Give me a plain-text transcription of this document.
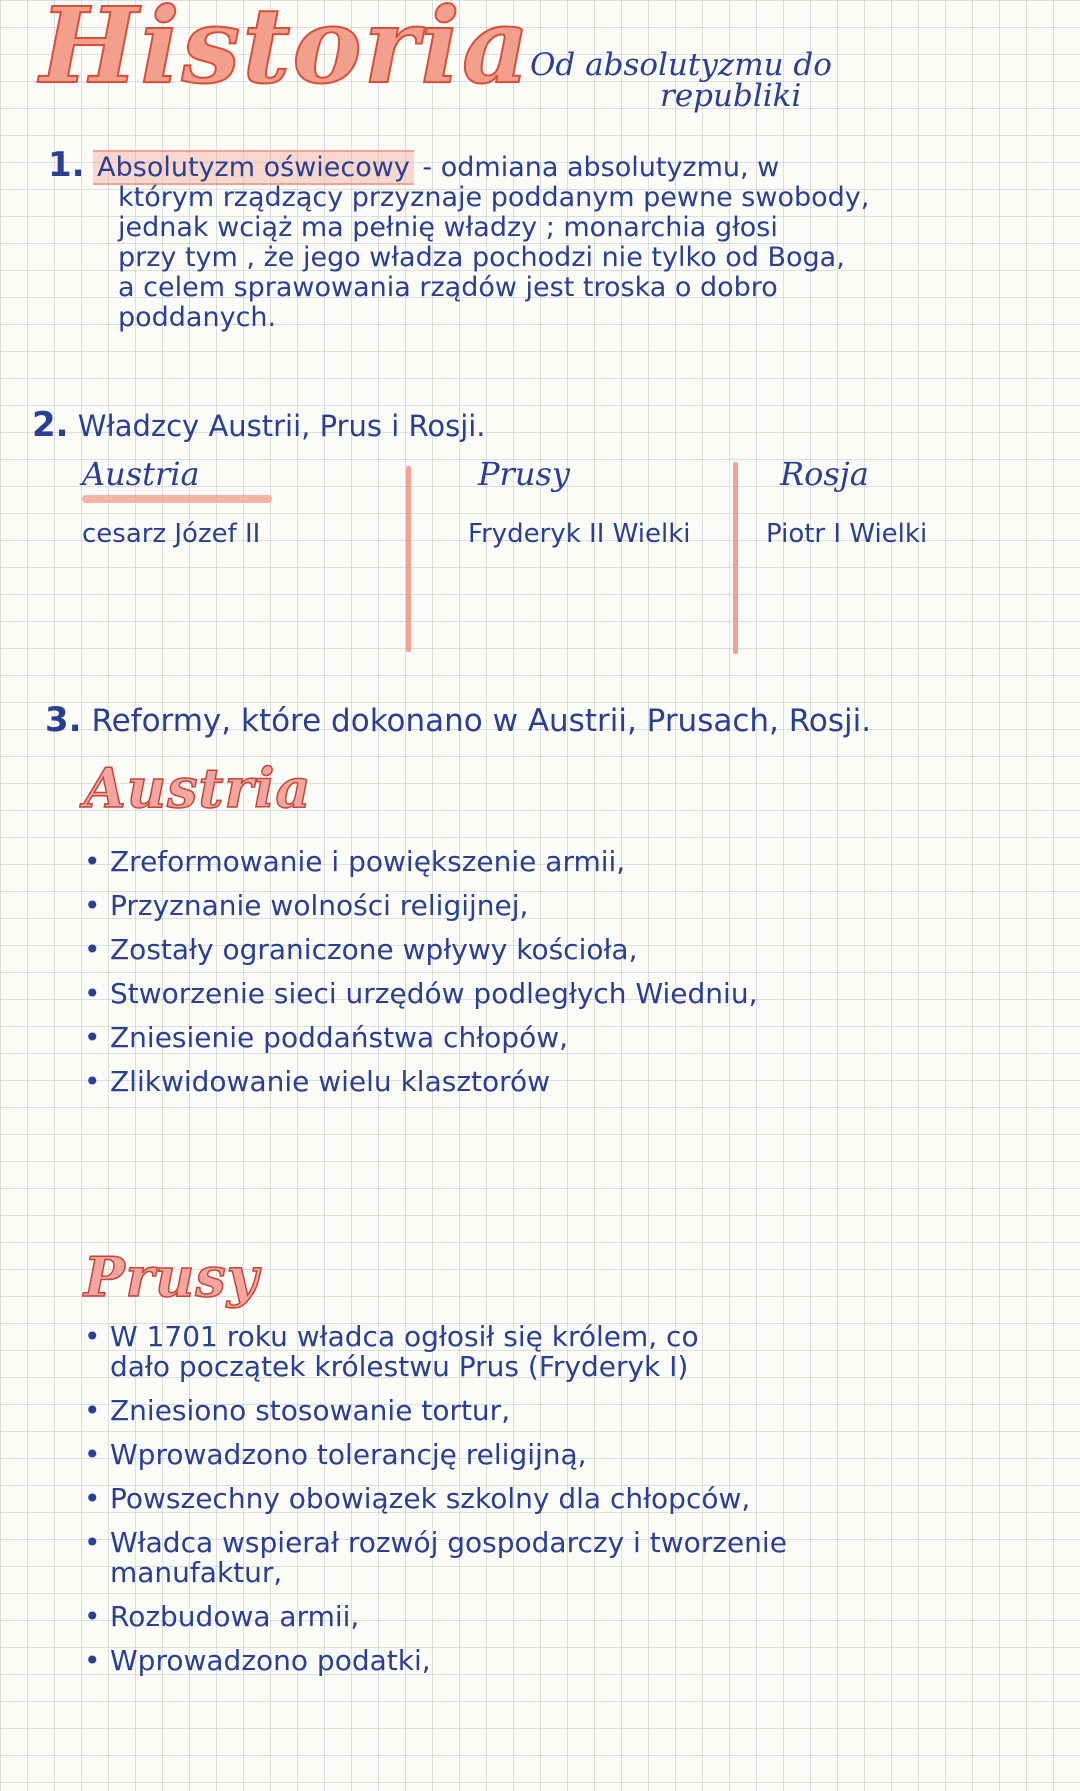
Historia
Od absolutyzmu do
republiki
1. Absolutyzm oświecowy - odmiana absolutyzmu, w
którym rządzący przyznaje poddanym pewne swobody,
jednak wciąż ma pełnię władzy ; monarchia głosi
przy tym , że jego władza pochodzi nie tylko od Boga,
a celem sprawowania rządów jest troska o dobro
poddanych.
2. Władzcy Austrii, Prus i Rosji.
Austria
cesarz Józef II
Prusy
Fryderyk II Wielki
Rosja
Piotr I Wielki
3. Reformy, które dokonano w Austrii, Prusach, Rosji.
Austria
• Zreformowanie i powiększenie armii,
• Przyznanie wolności religijnej,
• Zostały ograniczone wpływy kościoła,
• Stworzenie sieci urzędów podległych Wiedniu,
• Zniesienie poddaństwa chłopów,
• Zlikwidowanie wielu klasztorów
Prusy
• W 1701 roku władca ogłosił się królem, co
dało początek królestwu Prus (Fryderyk I)
• Zniesiono stosowanie tortur,
• Wprowadzono tolerancję religijną,
• Powszechny obowiązek szkolny dla chłopców,
• Władca wspierał rozwój gospodarczy i tworzenie
manufaktur,
• Rozbudowa armii,
• Wprowadzono podatki,
